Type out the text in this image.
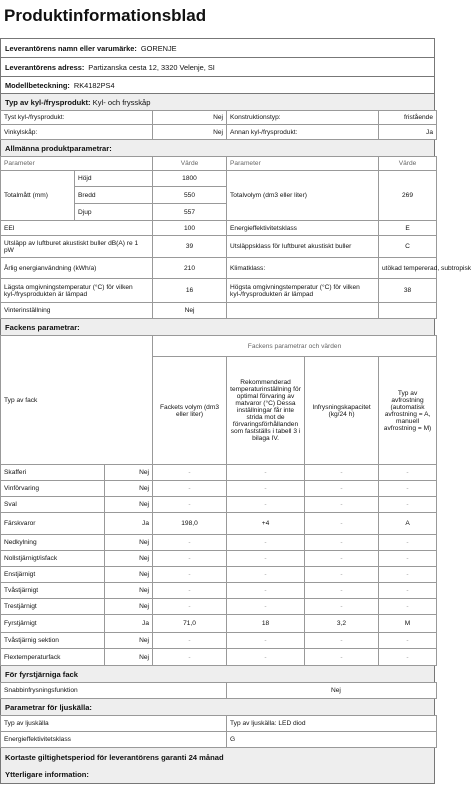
Produktinformationsblad
Leverantörens namn eller varumärke: GORENJE
Leverantörens adress: Partizanska cesta 12, 3320 Velenje, SI
Modellbeteckning: RK4182PS4
Typ av kyl-/frysprodukt:
Kyl- och frysskåp
Tyst kyl-/frysprodukt:	Nej	Konstruktionstyp:	fristående
Vinkylskåp:	Nej	Annan kyl-/frysprodukt:	Ja
Allmänna produktparametrar:
Parameter		Värde	Parameter	Värde
Totalmått (mm)	Höjd	1800	Totalvolym (dm3 eller liter)	269
	Bredd	550		
	Djup	557		
EEI		100	Energieffektivitetsklass	E
Utsläpp av luftburet akustiskt buller dB(A) re 1 pW		39	Utsläppsklass för luftburet akustiskt buller	C
Årlig energianvändning (kWh/a)		210	Klimatklass:	utökad tempererad, subtropisk
Lägsta omgivningstemperatur (°C) för vilken kyl-/frysprodukten är lämpad		16	Högsta omgivningstemperatur (°C) för vilken kyl-/frysprodukten är lämpad	38
Vinterinställning		Nej		
Fackens parametrar:
Typ av fack		Fackens parametrar och värden			
		Fackets volym (dm3 eller liter)	Rekommenderad temperaturinställning för optimal förvaring av matvaror (°C) Dessa inställningar får inte strida mot de förvaringsförhållanden som fastställs i tabell 3 i bilaga IV.	Infrysningskapacitet (kg/24 h)	Typ av avfrostning (automatisk avfrostning = A, manuell avfrostning = M)
Skafferi	Nej	-	-	-	-
Vinförvaring	Nej	-	-	-	-
Sval	Nej	-	-	-	-
Färskvaror	Ja	198,0	+4	-	A
Nedkylning	Nej	-	-	-	-
Nollstjärnigt/isfack	Nej	-	-	-	-
Enstjärnigt	Nej	-	-	-	-
Tvåstjärnigt	Nej	-	-	-	-
Trestjärnigt	Nej	-	-	-	-
Fyrstjärnigt	Ja	71,0	18	3,2	M
Tvåstjärnig sektion	Nej	-	-	-	-
Flextemperaturfack	Nej	-	-	-	-
För fyrstjärniga fack
Snabbinfrysningsfunktion	Nej
Parametrar för ljuskälla:
Typ av ljuskälla	Typ av ljuskälla: LED diod
Energieffektivitetsklass	G
Kortaste giltighetsperiod för leverantörens garanti
24 månad
Ytterligare information:
